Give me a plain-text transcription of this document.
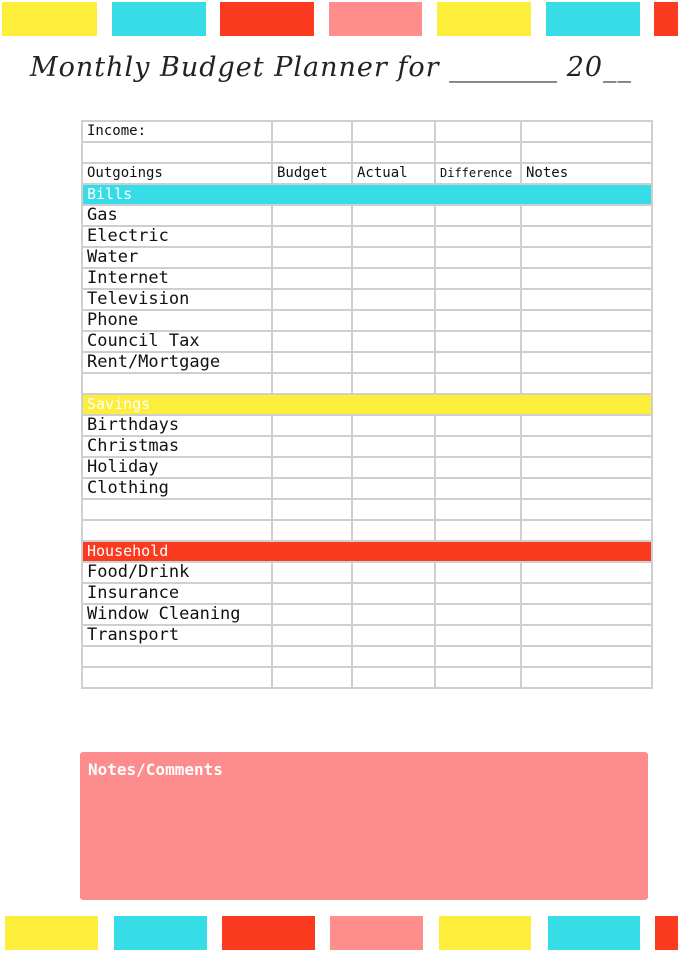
Monthly Budget Planner for ________ 20__
Income:				

Outgoings	Budget	Actual	Difference	Notes
Bills				
Gas				
Electric				
Water				
Internet				
Television				
Phone				
Council Tax				
Rent/Mortgage				

Savings				
Birthdays				
Christmas				
Holiday				
Clothing				

Household				
Food/Drink				
Insurance				
Window Cleaning				
Transport				

Notes/Comments
